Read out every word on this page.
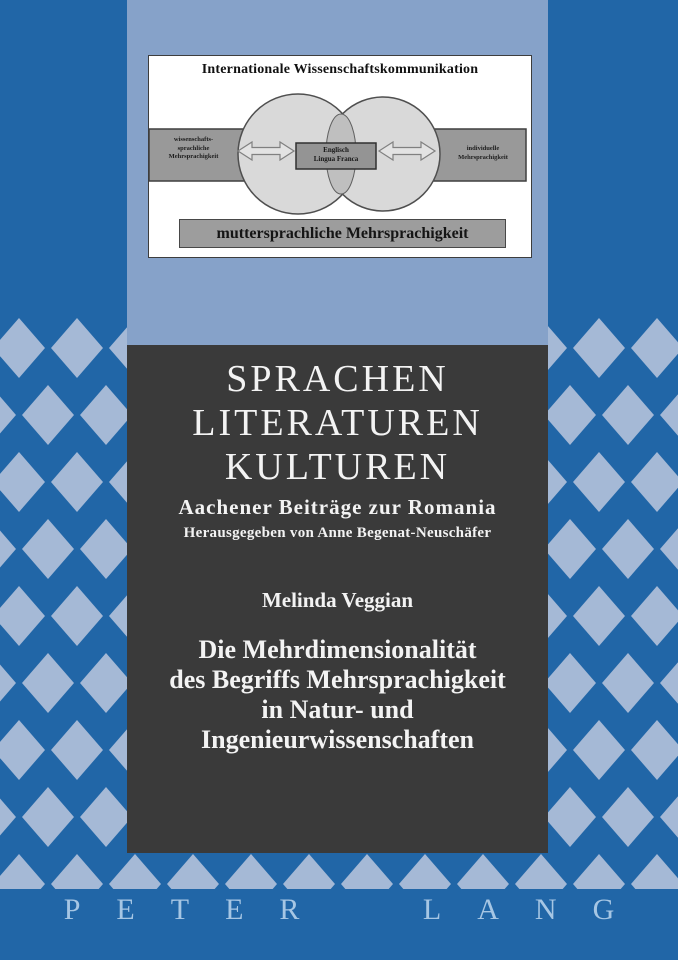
Internationale Wissenschaftskommunikation
wissenschafts-
sprachliche
Mehrsprachigkeit
Englisch
Lingua Franca
individuelle
Mehrsprachigkeit
muttersprachliche Mehrsprachigkeit
SPRACHEN
LITERATUREN
KULTUREN
Aachener Beiträge zur Romania
Herausgegeben von Anne Begenat-Neuschäfer
Melinda Veggian
Die Mehrdimensionalität
des Begriffs Mehrsprachigkeit
in Natur- und
Ingenieurwissenschaften
PETER LANG
